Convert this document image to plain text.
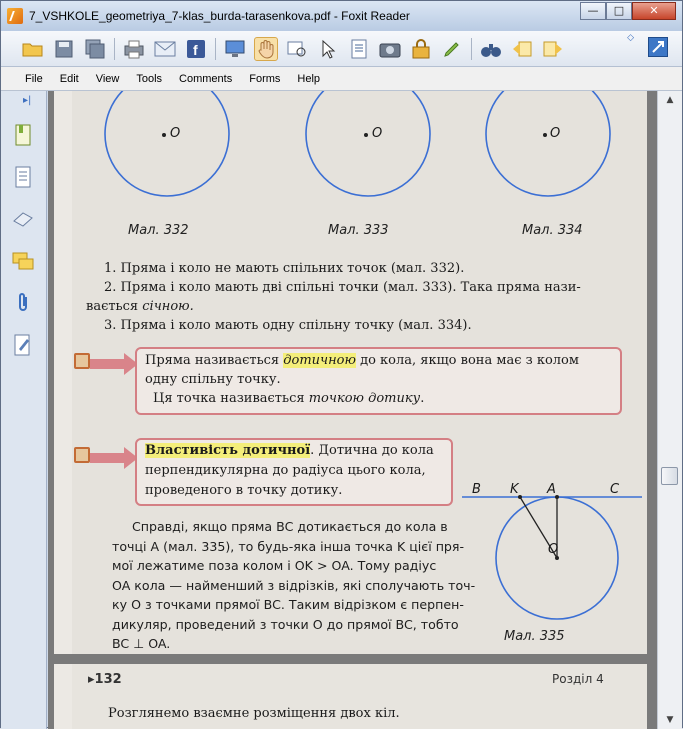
7_VSHKOLE_geometriya_7-klas_burda-tarasenkova.pdf - Foxit Reader	—	□	✕
f
◇
File Edit View Tools Comments Forms Help
▸|
O	O	O
Мал. 332	Мал. 333	Мал. 334
1. Пряма і коло не мають спільних точок (мал. 332).
2. Пряма і коло мають дві спільні точки (мал. 333). Така пряма нази-
вається січною.
3. Пряма і коло мають одну спільну точку (мал. 334).
Пряма називається дотичною до кола, якщо вона має з колом
одну спільну точку.
Ця точка називається точкою дотику.
Властивість дотичної. Дотична до кола
перпендикулярна до радіуса цього кола,
проведеного в точку дотику.
Справді, якщо пряма BC дотикається до кола в
точці A (мал. 335), то будь-яка інша точка K цієї пря-
мої лежатиме поза колом і OK > OA. Тому радіус
OA кола — найменший з відрізків, які сполучають точ-
ку O з точками прямої BC. Таким відрізком є перпен-
дикуляр, проведений з точки O до прямої BC, тобто
BC ⊥ OA.
B K A	C
O
Мал. 335
▸132	Розділ 4
Розглянемо взаємне розміщення двох кіл.
▲
▼
